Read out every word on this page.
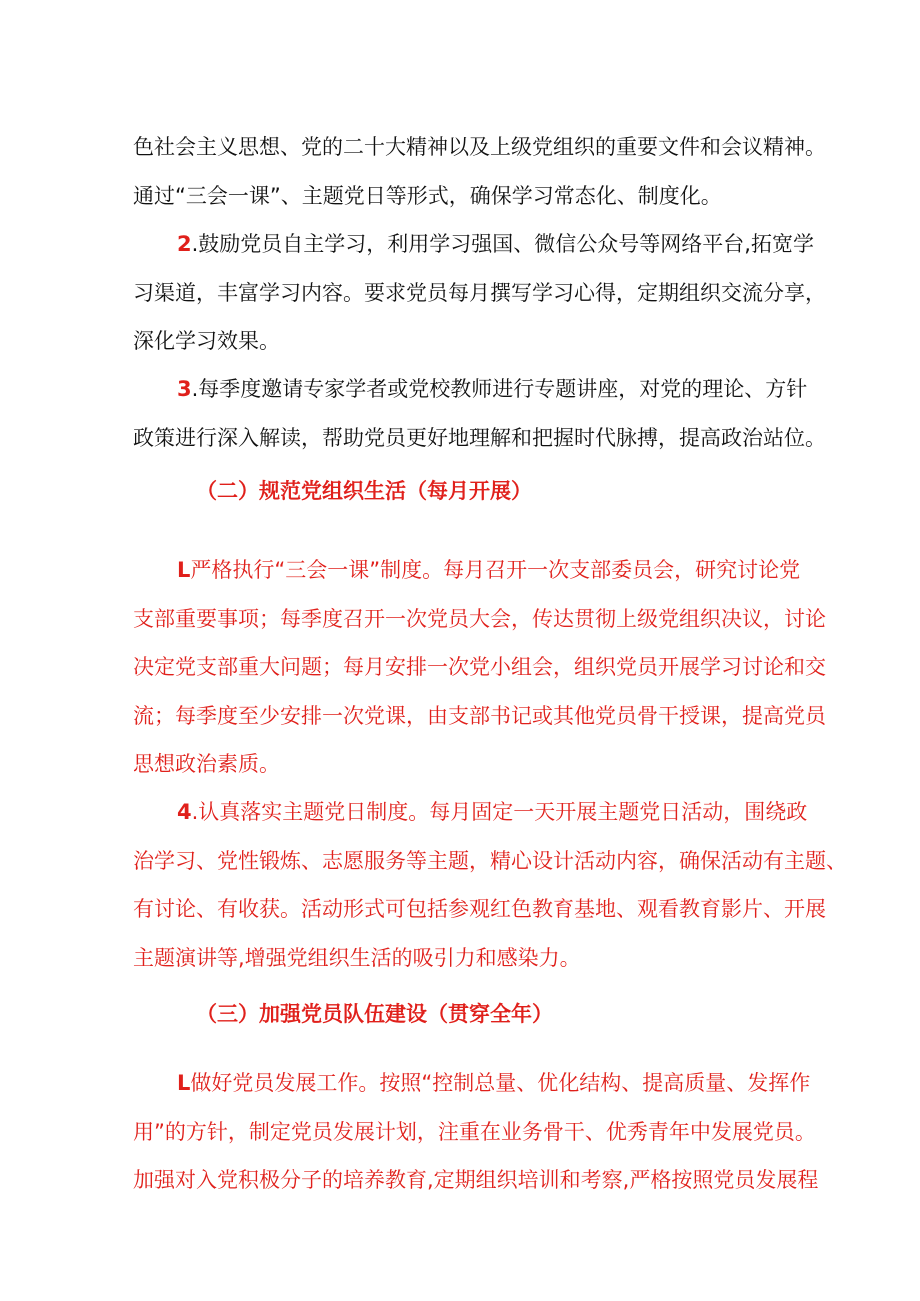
色社会主义思想、党的二十大精神以及上级党组织的重要文件和会议精神。
通过“三会一课”、主题党日等形式，确保学习常态化、制度化。

2.鼓励党员自主学习，利用学习强国、微信公众号等网络平台,拓宽学
习渠道，丰富学习内容。要求党员每月撰写学习心得，定期组织交流分享，
深化学习效果。

3.每季度邀请专家学者或党校教师进行专题讲座，对党的理论、方针
政策进行深入解读，帮助党员更好地理解和把握时代脉搏，提高政治站位。

（二）规范党组织生活（每月开展）

L严格执行“三会一课”制度。每月召开一次支部委员会，研究讨论党
支部重要事项；每季度召开一次党员大会，传达贯彻上级党组织决议，讨论
决定党支部重大问题；每月安排一次党小组会，组织党员开展学习讨论和交
流；每季度至少安排一次党课，由支部书记或其他党员骨干授课，提高党员
思想政治素质。

4.认真落实主题党日制度。每月固定一天开展主题党日活动，围绕政
治学习、党性锻炼、志愿服务等主题，精心设计活动内容，确保活动有主题、
有讨论、有收获。活动形式可包括参观红色教育基地、观看教育影片、开展
主题演讲等,增强党组织生活的吸引力和感染力。

（三）加强党员队伍建设（贯穿全年）

L做好党员发展工作。按照“控制总量、优化结构、提高质量、发挥作
用”的方针，制定党员发展计划，注重在业务骨干、优秀青年中发展党员。
加强对入党积极分子的培养教育,定期组织培训和考察,严格按照党员发展程
